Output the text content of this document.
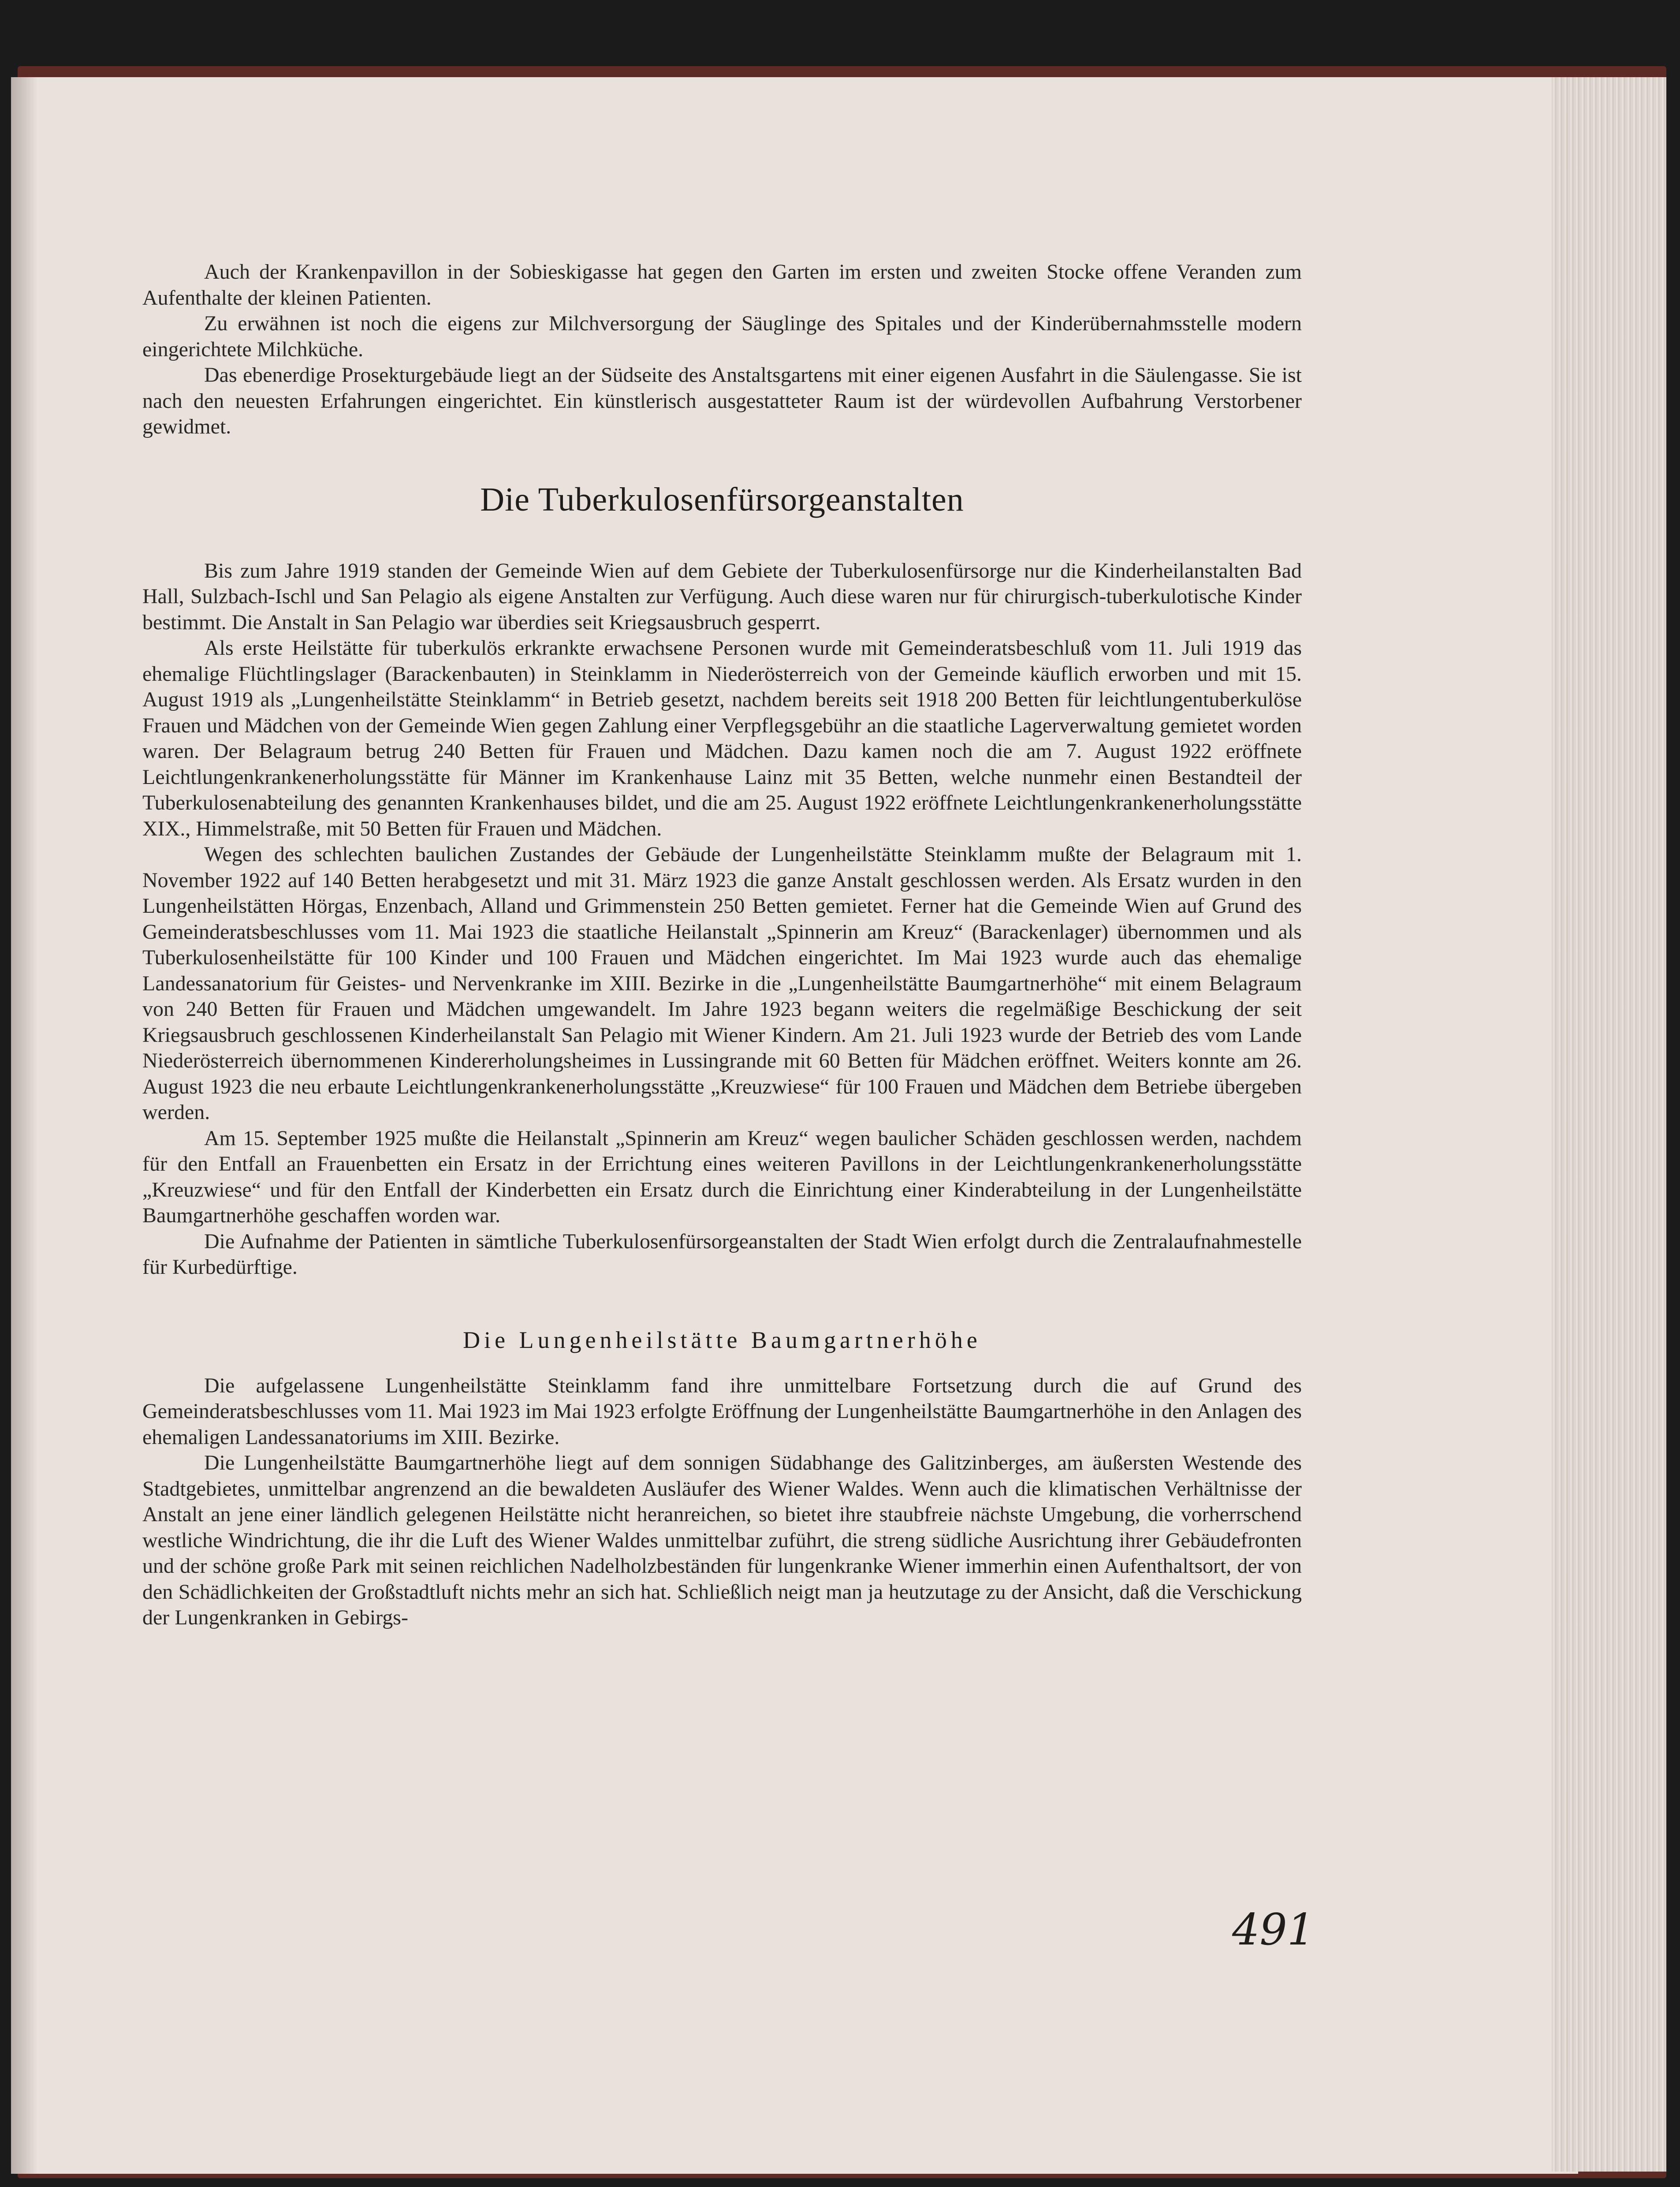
Auch der Krankenpavillon in der Sobieskigasse hat gegen den Garten im ersten und zweiten Stocke offene Veranden zum Aufenthalte der kleinen Patienten.

Zu erwähnen ist noch die eigens zur Milchversorgung der Säuglinge des Spitales und der Kinderübernahmsstelle modern eingerichtete Milchküche.

Das ebenerdige Prosekturgebäude liegt an der Südseite des Anstaltsgartens mit einer eigenen Ausfahrt in die Säulengasse. Sie ist nach den neuesten Erfahrungen eingerichtet. Ein künstlerisch ausgestatteter Raum ist der würdevollen Aufbahrung Verstorbener gewidmet.

Die Tuberkulosenfürsorgeanstalten

Bis zum Jahre 1919 standen der Gemeinde Wien auf dem Gebiete der Tuberkulosenfürsorge nur die Kinderheilanstalten Bad Hall, Sulzbach-Ischl und San Pelagio als eigene Anstalten zur Verfügung. Auch diese waren nur für chirurgisch-tuberkulotische Kinder bestimmt. Die Anstalt in San Pelagio war überdies seit Kriegsausbruch gesperrt.

Als erste Heilstätte für tuberkulös erkrankte erwachsene Personen wurde mit Gemeinderatsbeschluß vom 11. Juli 1919 das ehemalige Flüchtlingslager (Barackenbauten) in Steinklamm in Niederösterreich von der Gemeinde käuflich erworben und mit 15. August 1919 als „Lungenheilstätte Steinklamm“ in Betrieb gesetzt, nachdem bereits seit 1918 200 Betten für leichtlungentuberkulöse Frauen und Mädchen von der Gemeinde Wien gegen Zahlung einer Verpflegsgebühr an die staatliche Lagerverwaltung gemietet worden waren. Der Belagraum betrug 240 Betten für Frauen und Mädchen. Dazu kamen noch die am 7. August 1922 eröffnete Leichtlungenkrankenerholungsstätte für Männer im Krankenhause Lainz mit 35 Betten, welche nunmehr einen Bestandteil der Tuberkulosenabteilung des genannten Krankenhauses bildet, und die am 25. August 1922 eröffnete Leichtlungenkrankenerholungsstätte XIX., Himmelstraße, mit 50 Betten für Frauen und Mädchen.

Wegen des schlechten baulichen Zustandes der Gebäude der Lungenheilstätte Steinklamm mußte der Belagraum mit 1. November 1922 auf 140 Betten herabgesetzt und mit 31. März 1923 die ganze Anstalt geschlossen werden. Als Ersatz wurden in den Lungenheilstätten Hörgas, Enzenbach, Alland und Grimmenstein 250 Betten gemietet. Ferner hat die Gemeinde Wien auf Grund des Gemeinderatsbeschlusses vom 11. Mai 1923 die staatliche Heilanstalt „Spinnerin am Kreuz“ (Barackenlager) übernommen und als Tuberkulosenheilstätte für 100 Kinder und 100 Frauen und Mädchen eingerichtet. Im Mai 1923 wurde auch das ehemalige Landessanatorium für Geistes- und Nervenkranke im XIII. Bezirke in die „Lungenheilstätte Baumgartnerhöhe“ mit einem Belagraum von 240 Betten für Frauen und Mädchen umgewandelt. Im Jahre 1923 begann weiters die regelmäßige Beschickung der seit Kriegsausbruch geschlossenen Kinderheilanstalt San Pelagio mit Wiener Kindern. Am 21. Juli 1923 wurde der Betrieb des vom Lande Niederösterreich übernommenen Kindererholungsheimes in Lussingrande mit 60 Betten für Mädchen eröffnet. Weiters konnte am 26. August 1923 die neu erbaute Leichtlungenkrankenerholungsstätte „Kreuzwiese“ für 100 Frauen und Mädchen dem Betriebe übergeben werden.

Am 15. September 1925 mußte die Heilanstalt „Spinnerin am Kreuz“ wegen baulicher Schäden geschlossen werden, nachdem für den Entfall an Frauenbetten ein Ersatz in der Errichtung eines weiteren Pavillons in der Leichtlungenkrankenerholungsstätte „Kreuzwiese“ und für den Entfall der Kinderbetten ein Ersatz durch die Einrichtung einer Kinderabteilung in der Lungenheilstätte Baumgartnerhöhe geschaffen worden war.

Die Aufnahme der Patienten in sämtliche Tuberkulosenfürsorgeanstalten der Stadt Wien erfolgt durch die Zentralaufnahmestelle für Kurbedürftige.

Die Lungenheilstätte Baumgartnerhöhe

Die aufgelassene Lungenheilstätte Steinklamm fand ihre unmittelbare Fortsetzung durch die auf Grund des Gemeinderatsbeschlusses vom 11. Mai 1923 im Mai 1923 erfolgte Eröffnung der Lungenheilstätte Baumgartnerhöhe in den Anlagen des ehemaligen Landessanatoriums im XIII. Bezirke.

Die Lungenheilstätte Baumgartnerhöhe liegt auf dem sonnigen Südabhange des Galitzinberges, am äußersten Westende des Stadtgebietes, unmittelbar angrenzend an die bewaldeten Ausläufer des Wiener Waldes. Wenn auch die klimatischen Verhältnisse der Anstalt an jene einer ländlich gelegenen Heilstätte nicht heranreichen, so bietet ihre staubfreie nächste Umgebung, die vorherrschend westliche Windrichtung, die ihr die Luft des Wiener Waldes unmittelbar zuführt, die streng südliche Ausrichtung ihrer Gebäudefronten und der schöne große Park mit seinen reichlichen Nadelholzbeständen für lungenkranke Wiener immerhin einen Aufenthaltsort, der von den Schädlichkeiten der Großstadtluft nichts mehr an sich hat. Schließlich neigt man ja heutzutage zu der Ansicht, daß die Verschickung der Lungenkranken in Gebirgs-

491
